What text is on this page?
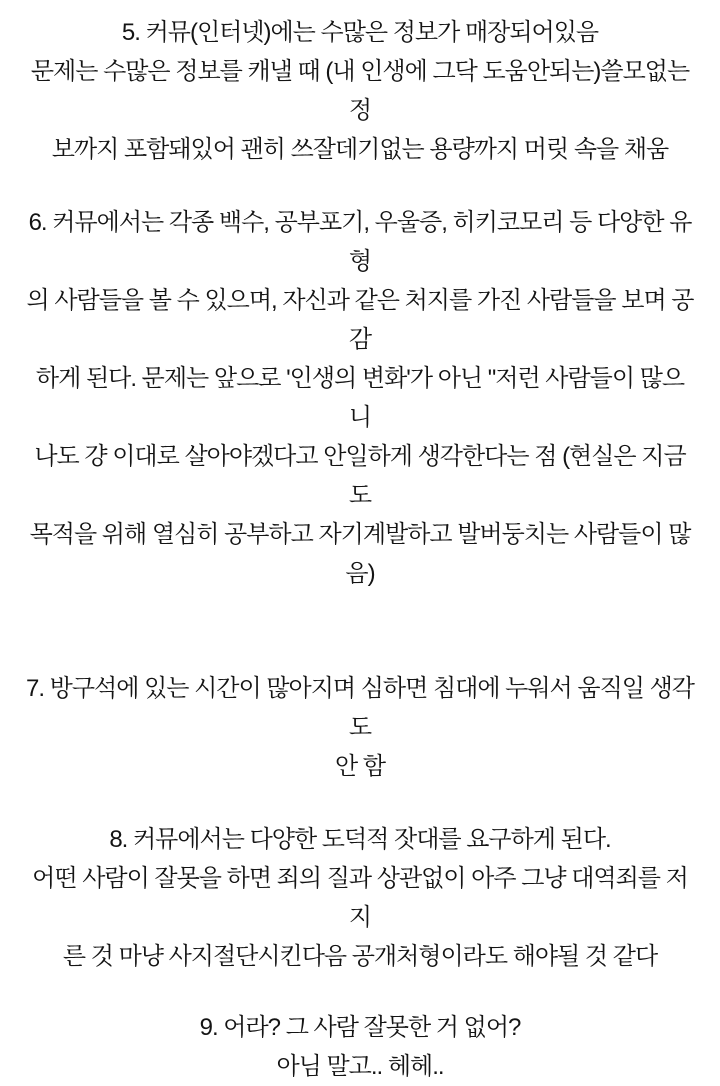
5. 커뮤(인터넷)에는 수많은 정보가 매장되어있음
문제는 수많은 정보를 캐낼 때 (내 인생에 그닥 도움안되는)쓸모없는 정
보까지 포함돼있어 괜히 쓰잘데기없는 용량까지 머릿 속을 채움
6. 커뮤에서는 각종 백수, 공부포기, 우울증, 히키코모리 등 다양한 유형
의 사람들을 볼 수 있으며, 자신과 같은 처지를 가진 사람들을 보며 공감
하게 된다. 문제는 앞으로 '인생의 변화'가 아닌 "저런 사람들이 많으니
나도 걍 이대로 살아야겠다고 안일하게 생각한다는 점 (현실은 지금도
목적을 위해 열심히 공부하고 자기계발하고 발버둥치는 사람들이 많음)
7. 방구석에 있는 시간이 많아지며 심하면 침대에 누워서 움직일 생각도
안 함
8. 커뮤에서는 다양한 도덕적 잣대를 요구하게 된다.
어떤 사람이 잘못을 하면 죄의 질과 상관없이 아주 그냥 대역죄를 저지
른 것 마냥 사지절단시킨다음 공개처형이라도 해야될 것 같다
9. 어라? 그 사람 잘못한 거 없어?
아님 말고.. 헤헤..
